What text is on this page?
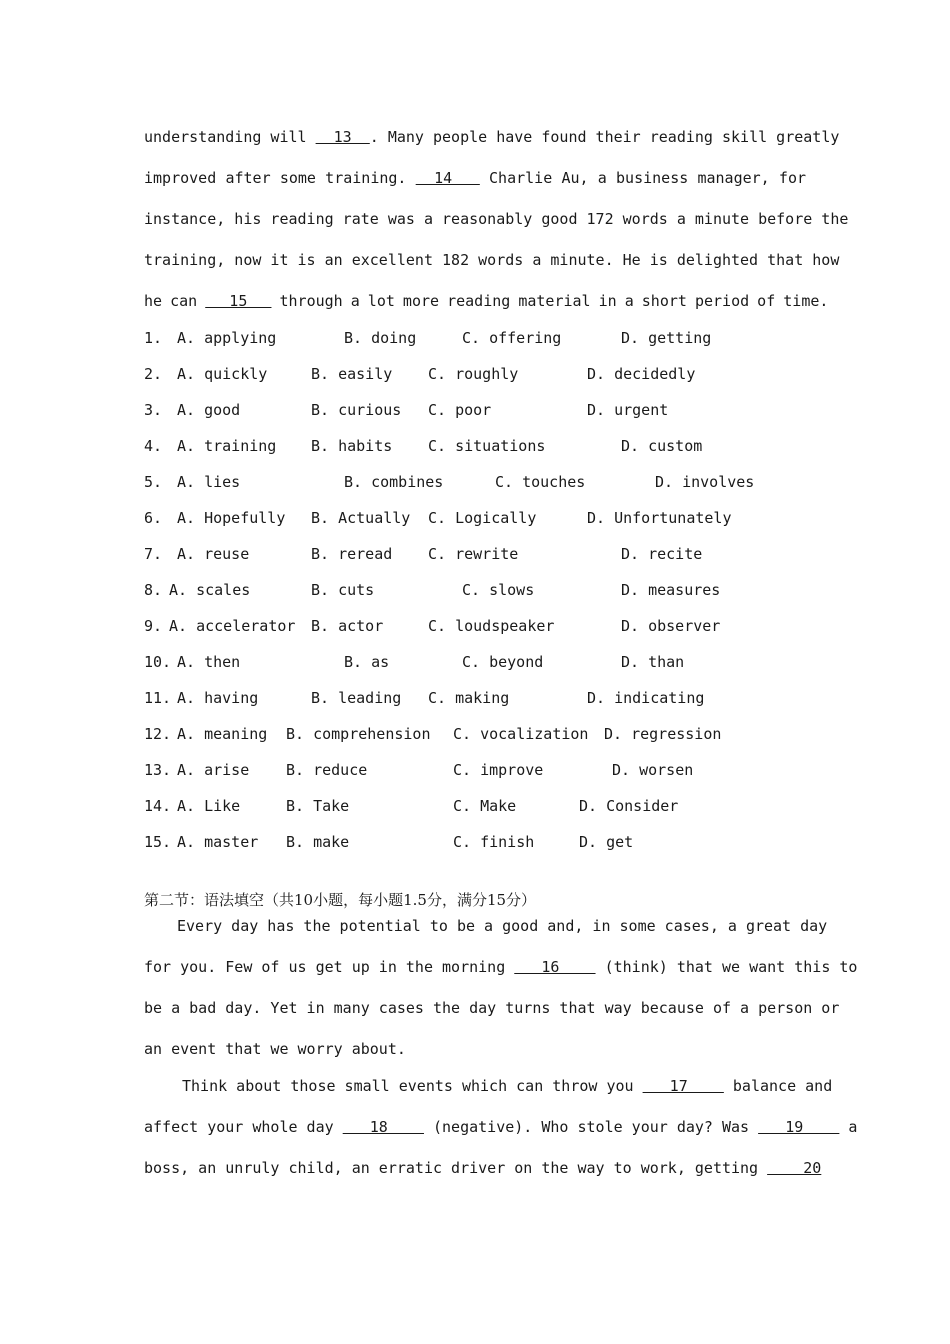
understanding will   13  . Many people have found their reading skill greatly
improved after some training.   14    Charlie Au, a business manager, for
instance, his reading rate was a reasonably good 172 words a minute before the
training, now it is an excellent 182 words a minute. He is delighted that how
he can    15    through a lot more reading material in a short period of time.
1. A. applying	B. doing	C. offering	D. getting
2. A. quickly	B. easily C. roughly	D. decidedly
3. A. good	B. curious C. poor	D. urgent
4. A. training B. habits C. situations	D. custom
5. A. lies	B. combines	C. touches	D. involves
6. A. Hopefully B. Actually C. Logically	D. Unfortunately
7. A. reuse	B. reread C. rewrite	D. recite
8. A. scales	B. cuts	C. slows	D. measures
9. A. accelerator B. actor	C. loudspeaker	D. observer
10. A. then	B. as	C. beyond	D. than
11. A. having	B. leading C. making	D. indicating
12. A. meaning B. comprehension C. vocalization D. regression
13. A. arise B. reduce	C. improve	D. worsen
14. A. Like	B. Take	C. Make	D. Consider
15. A. master B. make	C. finish	D. get
第二节：语法填空（共10小题，每小题1.5分，满分15分）
Every day has the potential to be a good and, in some cases, a great day
for you. Few of us get up in the morning    16     (think) that we want this to
be a bad day. Yet in many cases the day turns that way because of a person or
an event that we worry about.
Think about those small events which can throw you    17     balance and
affect your whole day    18     (negative). Who stole your day? Was    19     a
boss, an unruly child, an erratic driver on the way to work, getting     20
